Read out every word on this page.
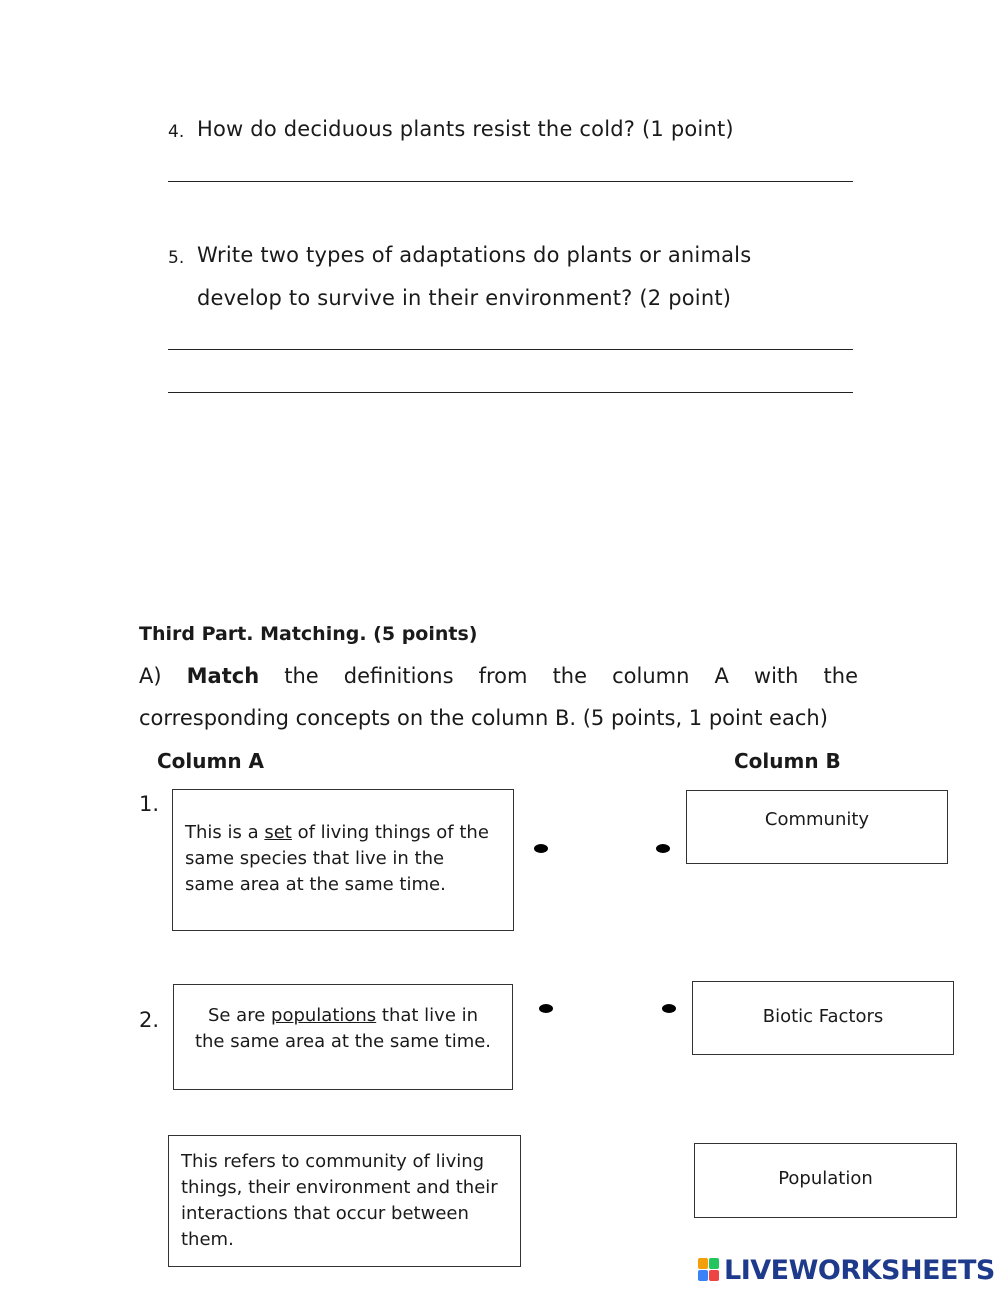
4. How do deciduous plants resist the cold? (1 point)
5. Write two types of adaptations do plants or animals
develop to survive in their environment? (2 point)
Third Part. Matching. (5 points)
A) Match the definitions from the column A with the
corresponding concepts on the column B. (5 points, 1 point each)
Column A	Column B
1.
This is a set of living things of the
same species that live in the
same area at the same time.
Community
2.	Se are populations that live in
the same area at the same time.
Biotic Factors
This refers to community of living
things, their environment and their
interactions that occur between
them.
Population
LIVEWORKSHEETS
